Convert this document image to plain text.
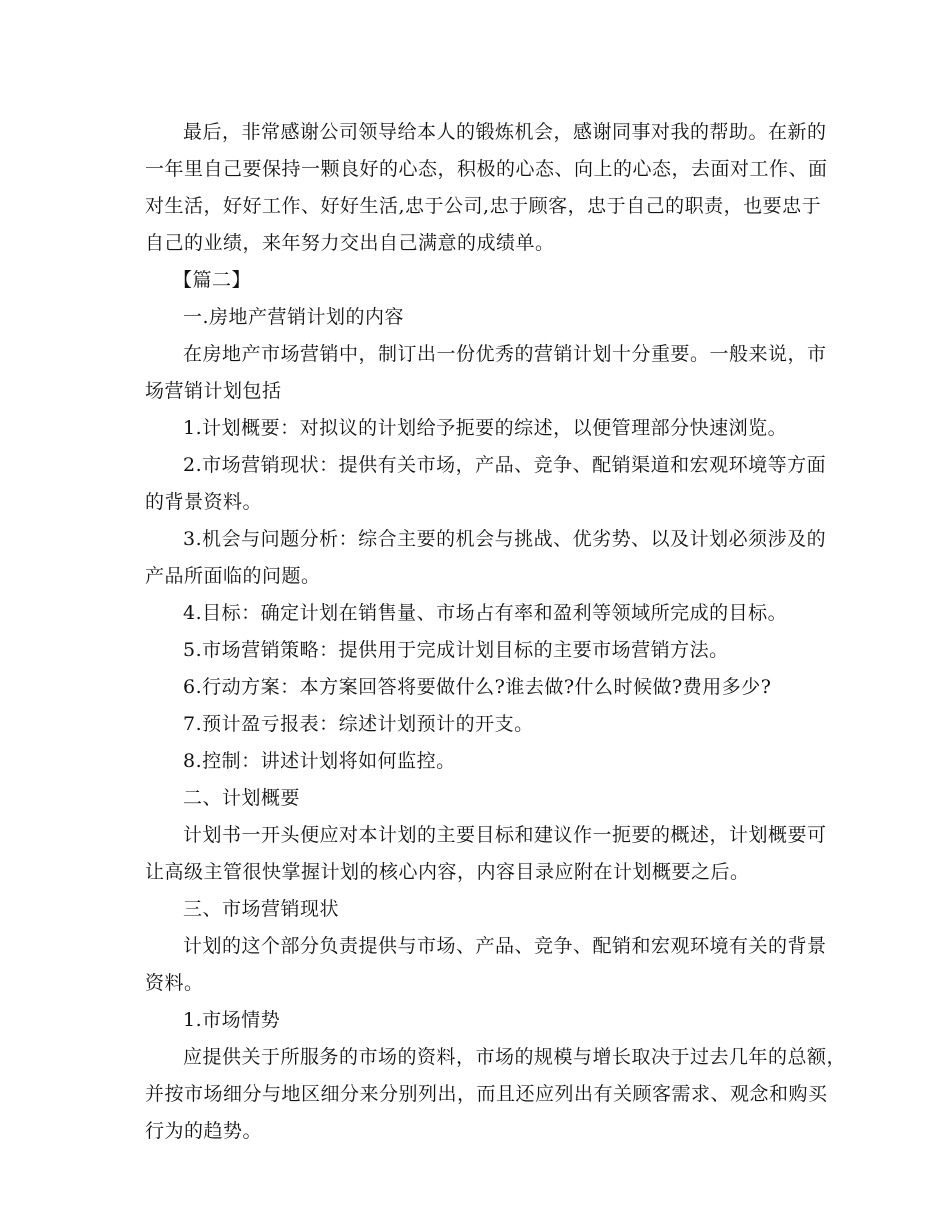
最后，非常感谢公司领导给本人的锻炼机会，感谢同事对我的帮助。在新的
一年里自己要保持一颗良好的心态，积极的心态、向上的心态，去面对工作、面
对生活，好好工作、好好生活,忠于公司,忠于顾客，忠于自己的职责，也要忠于
自己的业绩，来年努力交出自己满意的成绩单。

【篇二】

一.房地产营销计划的内容

在房地产市场营销中，制订出一份优秀的营销计划十分重要。一般来说，市
场营销计划包括

1.计划概要：对拟议的计划给予扼要的综述，以便管理部分快速浏览。

2.市场营销现状：提供有关市场，产品、竞争、配销渠道和宏观环境等方面
的背景资料。

3.机会与问题分析：综合主要的机会与挑战、优劣势、以及计划必须涉及的
产品所面临的问题。

4.目标：确定计划在销售量、市场占有率和盈利等领域所完成的目标。

5.市场营销策略：提供用于完成计划目标的主要市场营销方法。

6.行动方案：本方案回答将要做什么?谁去做?什么时候做?费用多少?

7.预计盈亏报表：综述计划预计的开支。

8.控制：讲述计划将如何监控。

二、计划概要

计划书一开头便应对本计划的主要目标和建议作一扼要的概述，计划概要可
让高级主管很快掌握计划的核心内容，内容目录应附在计划概要之后。

三、市场营销现状

计划的这个部分负责提供与市场、产品、竞争、配销和宏观环境有关的背景
资料。

1.市场情势

应提供关于所服务的市场的资料，市场的规模与增长取决于过去几年的总额，
并按市场细分与地区细分来分别列出，而且还应列出有关顾客需求、观念和购买
行为的趋势。
